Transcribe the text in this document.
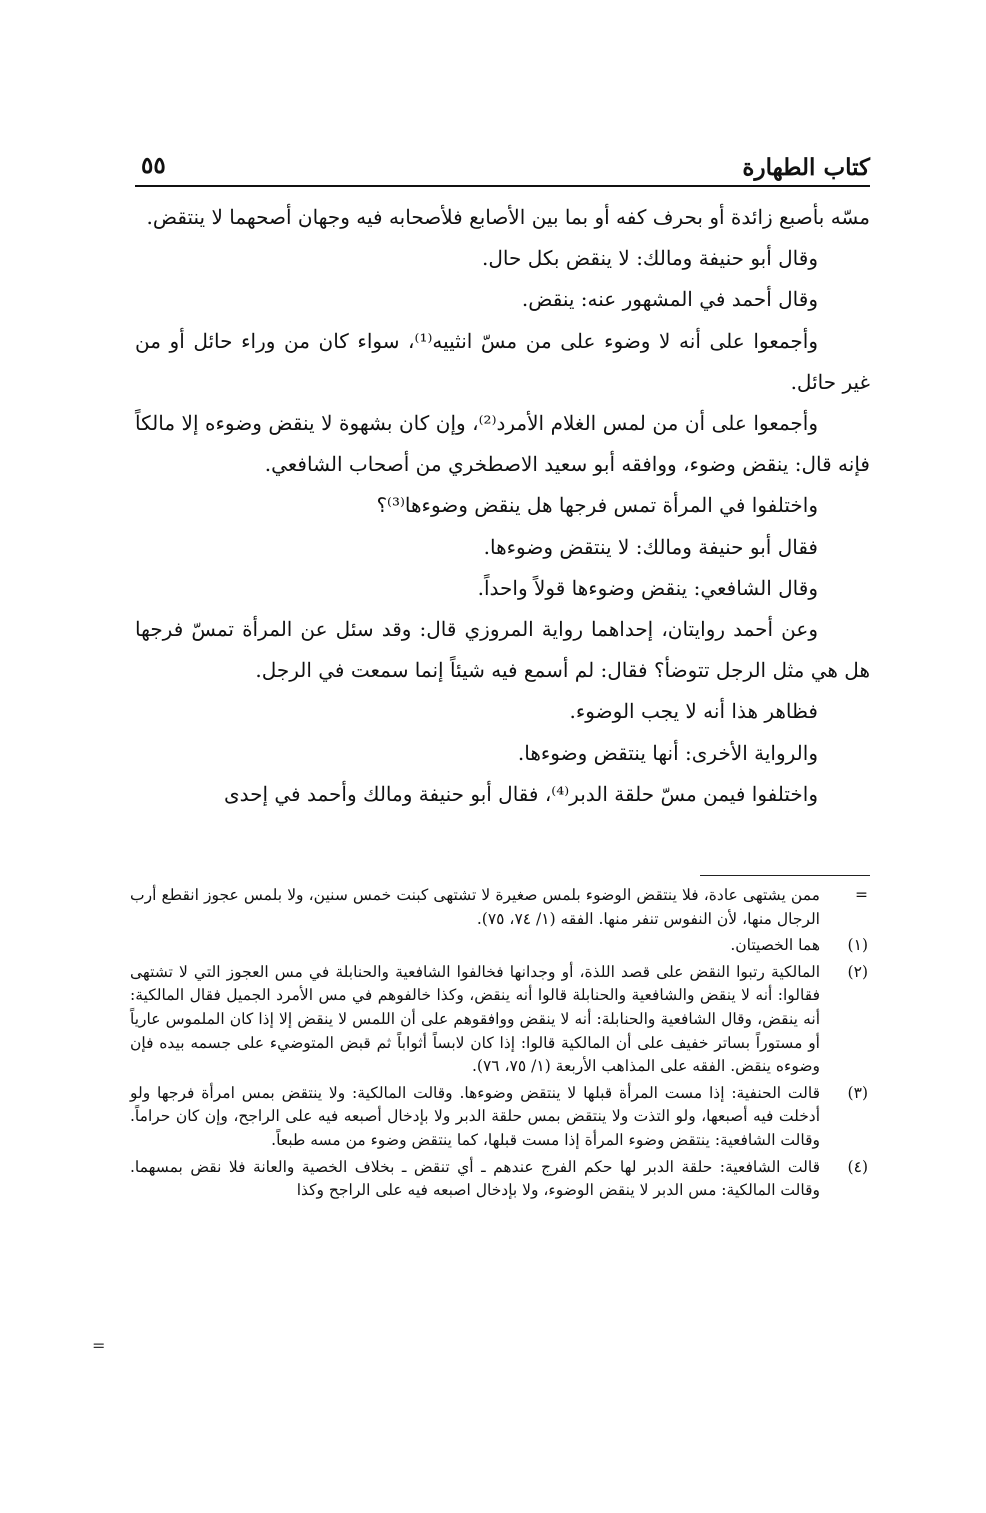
كتاب الطهارة
٥٥

مسّه بأصبع زائدة أو بحرف كفه أو بما بين الأصابع فلأصحابه فيه وجهان أصحهما لا ينتقض.

وقال أبو حنيفة ومالك: لا ينقض بكل حال.

وقال أحمد في المشهور عنه: ينقض.

وأجمعوا على أنه لا وضوء على من مسّ انثييه⁽¹⁾، سواء كان من وراء حائل أو من غير حائل.

وأجمعوا على أن من لمس الغلام الأمرد⁽²⁾، وإن كان بشهوة لا ينقض وضوءه إلا مالكاً فإنه قال: ينقض وضوء، ووافقه أبو سعيد الاصطخري من أصحاب الشافعي.

واختلفوا في المرأة تمس فرجها هل ينقض وضوءها⁽³⁾؟

فقال أبو حنيفة ومالك: لا ينتقض وضوءها.

وقال الشافعي: ينقض وضوءها قولاً واحداً.

وعن أحمد روايتان، إحداهما رواية المروزي قال: وقد سئل عن المرأة تمسّ فرجها هل هي مثل الرجل تتوضأ؟ فقال: لم أسمع فيه شيئاً إنما سمعت في الرجل.

فظاهر هذا أنه لا يجب الوضوء.

والرواية الأخرى: أنها ينتقض وضوءها.

واختلفوا فيمن مسّ حلقة الدبر⁽⁴⁾، فقال أبو حنيفة ومالك وأحمد في إحدى

=
ممن يشتهى عادة، فلا ينتقض الوضوء بلمس صغيرة لا تشتهى كبنت خمس سنين، ولا بلمس عجوز انقطع أرب الرجال منها، لأن النفوس تنفر منها. الفقه (١/ ٧٤، ٧٥).
(١)
هما الخصيتان.
(٢)
المالكية رتبوا النقض على قصد اللذة، أو وجدانها فخالفوا الشافعية والحنابلة في مس العجوز التي لا تشتهى فقالوا: أنه لا ينقض والشافعية والحنابلة قالوا أنه ينقض، وكذا خالفوهم في مس الأمرد الجميل فقال المالكية: أنه ينقض، وقال الشافعية والحنابلة: أنه لا ينقض ووافقوهم على أن اللمس لا ينقض إلا إذا كان الملموس عارياً أو مستوراً بساتر خفيف على أن المالكية قالوا: إذا كان لابساً أثواباً ثم قبض المتوضيء على جسمه بيده فإن وضوءه ينقض. الفقه على المذاهب الأربعة (١/ ٧٥، ٧٦).
(٣)
قالت الحنفية: إذا مست المرأة قبلها لا ينتقض وضوءها. وقالت المالكية: ولا ينتقض بمس امرأة فرجها ولو أدخلت فيه أصبعها، ولو التذت ولا ينتقض بمس حلقة الدبر ولا بإدخال أصبعه فيه على الراجح، وإن كان حراماً. وقالت الشافعية: ينتقض وضوء المرأة إذا مست قبلها، كما ينتقض وضوء من مسه طبعاً.
(٤)
قالت الشافعية: حلقة الدبر لها حكم الفرج عندهم ـ أي تنقض ـ بخلاف الخصية والعانة فلا نقض بمسهما. وقالت المالكية: مس الدبر لا ينقض الوضوء، ولا بإدخال اصبعه فيه على الراجح وكذا
=
